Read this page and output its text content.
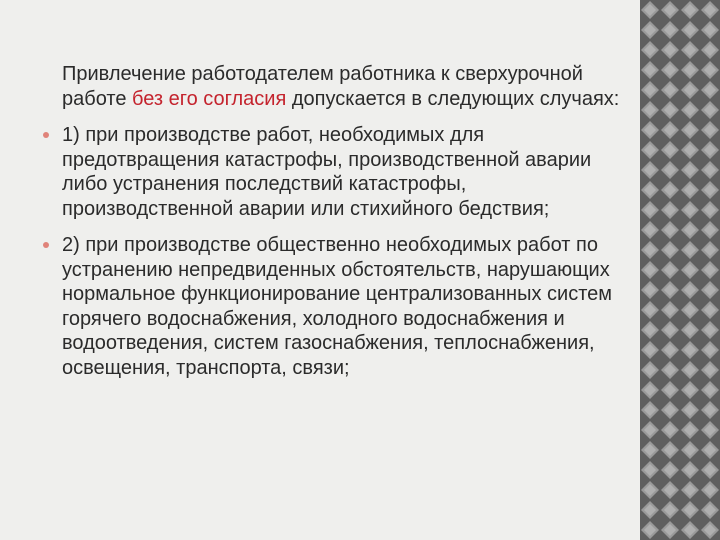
Привлечение работодателем работника к сверхурочной работе без его согласия допускается в следующих случаях:

1) при производстве работ, необходимых для предотвращения катастрофы, производственной аварии либо устранения последствий катастрофы, производственной аварии или стихийного бедствия;

2) при производстве общественно необходимых работ по устранению непредвиденных обстоятельств, нарушающих нормальное функционирование централизованных систем горячего водоснабжения, холодного водоснабжения и водоотведения, систем газоснабжения, теплоснабжения, освещения, транспорта, связи;
